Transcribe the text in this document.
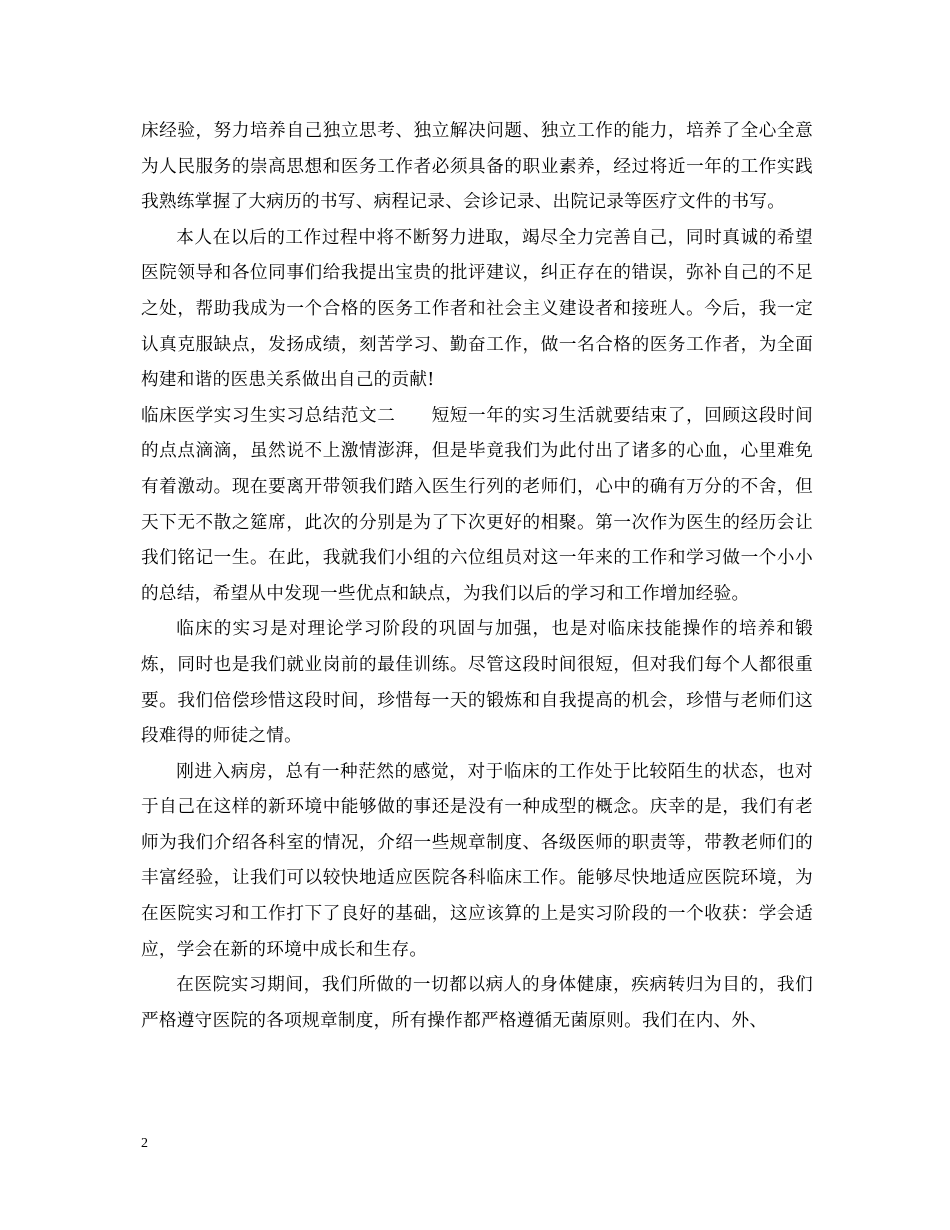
床经验，努力培养自己独立思考、独立解决问题、独立工作的能力，培养了全心全意为人民服务的崇高思想和医务工作者必须具备的职业素养，经过将近一年的工作实践我熟练掌握了大病历的书写、病程记录、会诊记录、出院记录等医疗文件的书写。

本人在以后的工作过程中将不断努力进取，竭尽全力完善自己，同时真诚的希望医院领导和各位同事们给我提出宝贵的批评建议，纠正存在的错误，弥补自己的不足之处，帮助我成为一个合格的医务工作者和社会主义建设者和接班人。今后，我一定认真克服缺点，发扬成绩，刻苦学习、勤奋工作，做一名合格的医务工作者，为全面构建和谐的医患关系做出自己的贡献!

临床医学实习生实习总结范文二 短短一年的实习生活就要结束了，回顾这段时间的点点滴滴，虽然说不上激情澎湃，但是毕竟我们为此付出了诸多的心血，心里难免有着激动。现在要离开带领我们踏入医生行列的老师们，心中的确有万分的不舍，但天下无不散之筵席，此次的分别是为了下次更好的相聚。第一次作为医生的经历会让我们铭记一生。在此，我就我们小组的六位组员对这一年来的工作和学习做一个小小的总结，希望从中发现一些优点和缺点，为我们以后的学习和工作增加经验。

临床的实习是对理论学习阶段的巩固与加强，也是对临床技能操作的培养和锻炼，同时也是我们就业岗前的最佳训练。尽管这段时间很短，但对我们每个人都很重要。我们倍偿珍惜这段时间，珍惜每一天的锻炼和自我提高的机会，珍惜与老师们这段难得的师徒之情。

刚进入病房，总有一种茫然的感觉，对于临床的工作处于比较陌生的状态，也对于自己在这样的新环境中能够做的事还是没有一种成型的概念。庆幸的是，我们有老师为我们介绍各科室的情况，介绍一些规章制度、各级医师的职责等，带教老师们的丰富经验，让我们可以较快地适应医院各科临床工作。能够尽快地适应医院环境，为在医院实习和工作打下了良好的基础，这应该算的上是实习阶段的一个收获：学会适应，学会在新的环境中成长和生存。

在医院实习期间，我们所做的一切都以病人的身体健康，疾病转归为目的，我们严格遵守医院的各项规章制度，所有操作都严格遵循无菌原则。我们在内、外、

2
